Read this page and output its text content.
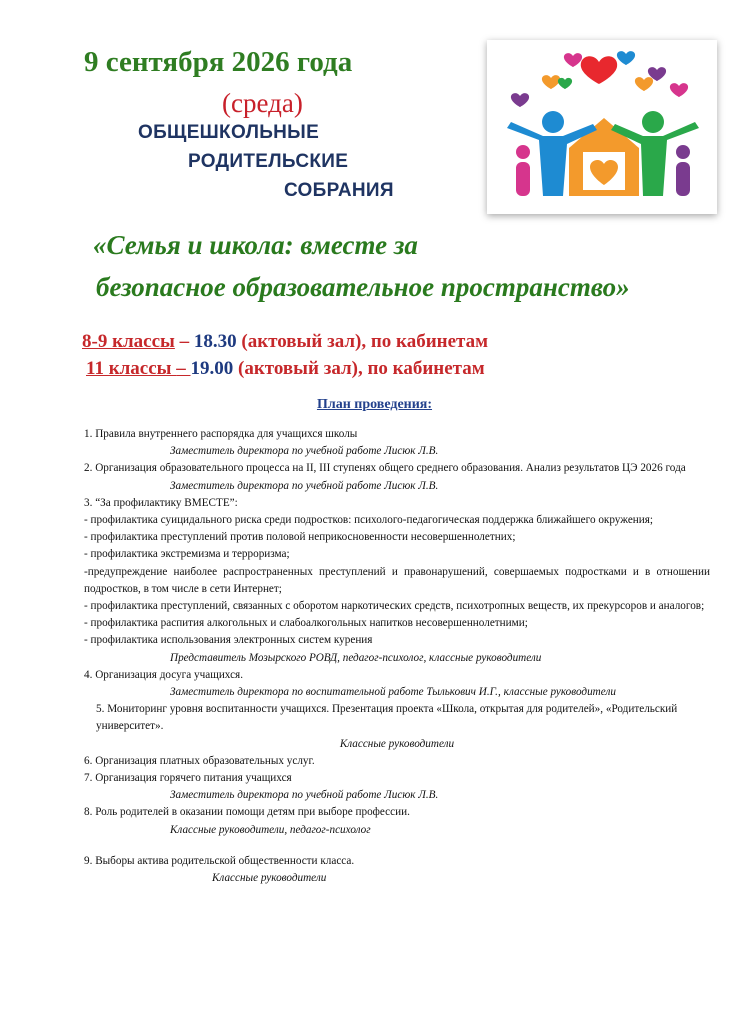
9 сентября 2026 года
(среда)
ОБЩЕШКОЛЬНЫЕ
РОДИТЕЛЬСКИЕ
СОБРАНИЯ
«Семья и школа: вместе за
безопасное образовательное пространство»
8-9 классы – 18.30 (актовый зал), по кабинетам
11 классы – 19.00 (актовый зал), по кабинетам
План проведения:

1. Правила внутреннего распорядка для учащихся школы

Заместитель директора по учебной работе Лисюк Л.В.

2. Организация образовательного процесса на II, III ступенях общего среднего образования. Анализ результатов ЦЭ 2026 года

Заместитель директора по учебной работе Лисюк Л.В.

3. “За профилактику ВМЕСТЕ”:

- профилактика суицидального риска среди подростков: психолого-педагогическая поддержка ближайшего окружения;

- профилактика преступлений против половой неприкосновенности несовершеннолетних;

- профилактика экстремизма и терроризма;

-предупреждение наиболее распространенных преступлений и правонарушений, совершаемых подростками и в отношении подростков, в том числе в сети Интернет;

- профилактика преступлений, связанных с оборотом наркотических средств, психотропных веществ, их прекурсоров и аналогов;

- профилактика распития алкогольных и слабоалкогольных напитков несовершеннолетними;

- профилактика использования электронных систем курения

Представитель Мозырского РОВД, педагог-психолог, классные руководители

4. Организация досуга учащихся.

Заместитель директора по воспитательной работе Тылькович И.Г., классные руководители

5. Мониторинг уровня воспитанности учащихся. Презентация проекта «Школа, открытая для родителей», «Родительский университет».

Классные руководители

6. Организация платных образовательных услуг.

7. Организация горячего питания учащихся

Заместитель директора по учебной работе Лисюк Л.В.

8. Роль родителей в оказании помощи детям при выборе профессии.

Классные руководители, педагог-психолог

9. Выборы актива родительской общественности класса.

Классные руководители
